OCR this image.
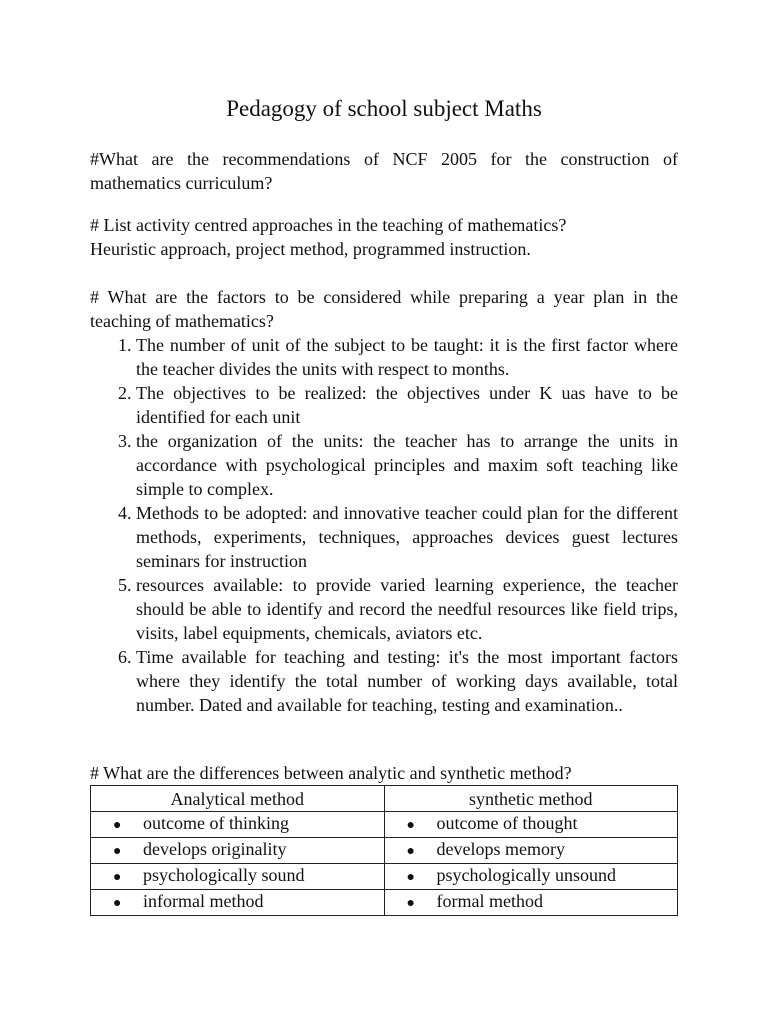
Pedagogy of school subject Maths

#What are the recommendations of NCF 2005 for the construction of mathematics curriculum?

# List activity centred approaches in the teaching of mathematics?

Heuristic approach, project method, programmed instruction.

# What are the factors to be considered while preparing a year plan in the teaching of mathematics?

1. The number of unit of the subject to be taught: it is the first factor where the teacher divides the units with respect to months.
2. The objectives to be realized: the objectives under K uas have to be identified for each unit
3. the organization of the units: the teacher has to arrange the units in accordance with psychological principles and maxim soft teaching like simple to complex.
4. Methods to be adopted: and innovative teacher could plan for the different methods, experiments, techniques, approaches devices guest lectures seminars for instruction
5. resources available: to provide varied learning experience, the teacher should be able to identify and record the needful resources like field trips, visits, label equipments, chemicals, aviators etc.
6. Time available for teaching and testing: it's the most important factors where they identify the total number of working days available, total number. Dated and available for teaching, testing and examination..

# What are the differences between analytic and synthetic method?

Analytical method	synthetic method
● outcome of thinking	● outcome of thought
● develops originality	● develops memory
● psychologically sound	● psychologically unsound
● informal method	● formal method
